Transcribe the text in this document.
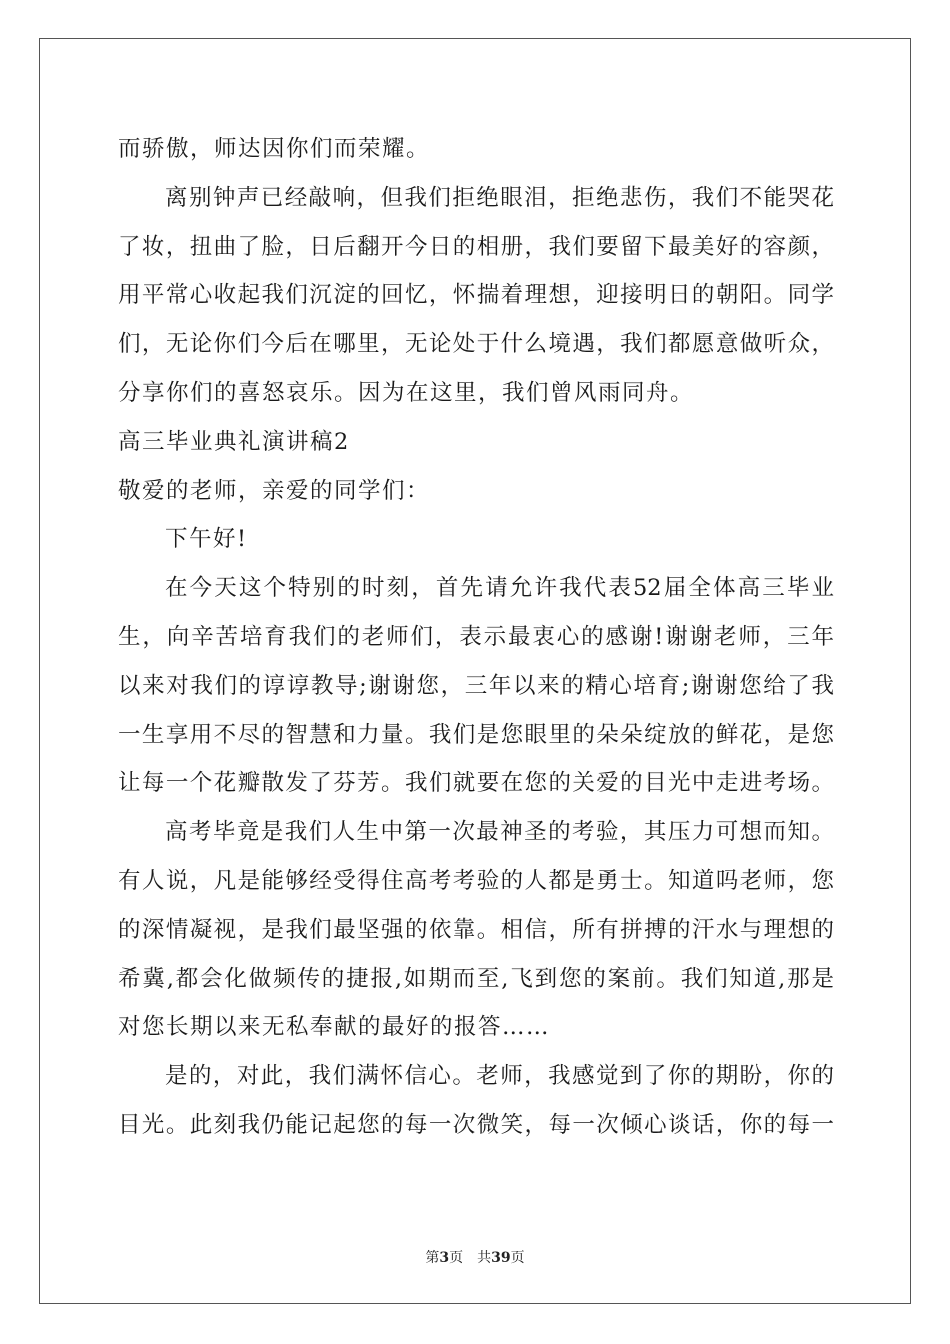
而骄傲，师达因你们而荣耀。
离别钟声已经敲响，但我们拒绝眼泪，拒绝悲伤，我们不能哭花
了妆，扭曲了脸，日后翻开今日的相册，我们要留下最美好的容颜，
用平常心收起我们沉淀的回忆，怀揣着理想，迎接明日的朝阳。同学
们，无论你们今后在哪里，无论处于什么境遇，我们都愿意做听众，
分享你们的喜怒哀乐。因为在这里，我们曾风雨同舟。
高三毕业典礼演讲稿2
敬爱的老师，亲爱的同学们：
下午好!
在今天这个特别的时刻，首先请允许我代表52届全体高三毕业
生，向辛苦培育我们的老师们，表示最衷心的感谢!谢谢老师，三年
以来对我们的谆谆教导;谢谢您，三年以来的精心培育;谢谢您给了我
一生享用不尽的智慧和力量。我们是您眼里的朵朵绽放的鲜花，是您
让每一个花瓣散发了芬芳。我们就要在您的关爱的目光中走进考场。
高考毕竟是我们人生中第一次最神圣的考验，其压力可想而知。
有人说，凡是能够经受得住高考考验的人都是勇士。知道吗老师，您
的深情凝视，是我们最坚强的依靠。相信，所有拼搏的汗水与理想的
希冀,都会化做频传的捷报,如期而至,飞到您的案前。我们知道,那是
对您长期以来无私奉献的最好的报答……
是的，对此，我们满怀信心。老师，我感觉到了你的期盼，你的
目光。此刻我仍能记起您的每一次微笑，每一次倾心谈话，你的每一
第3页 共39页
